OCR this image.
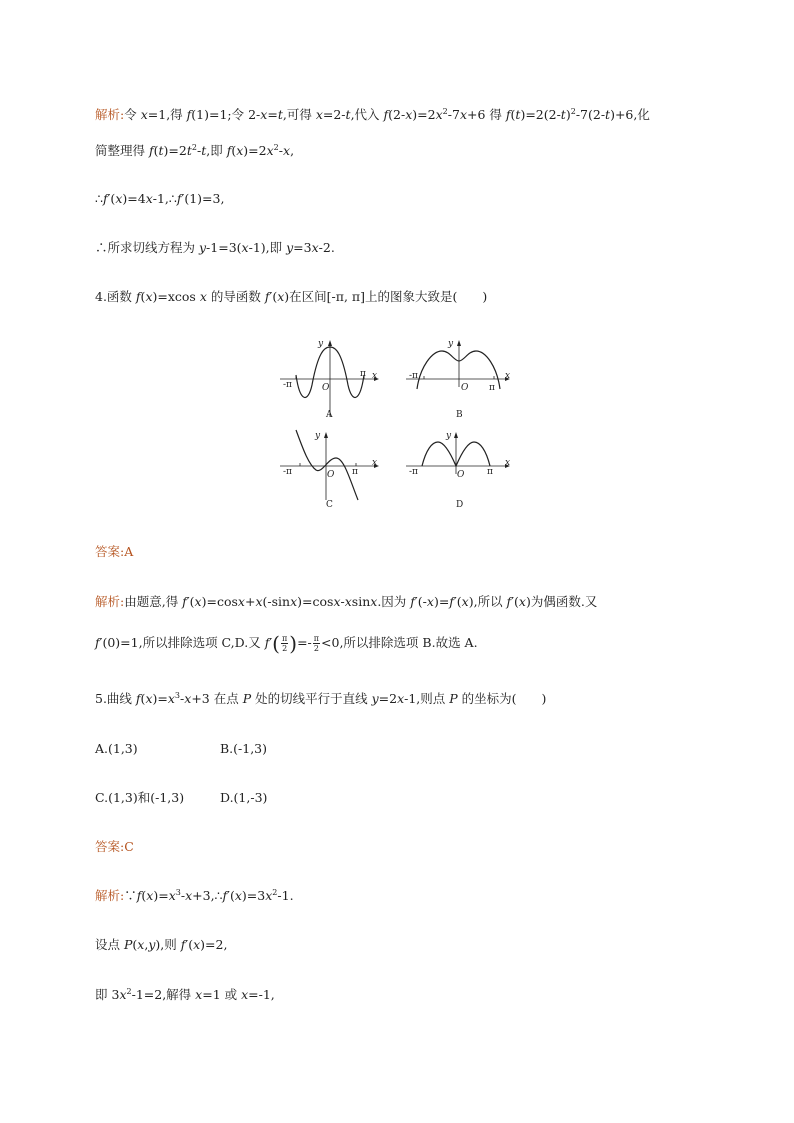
解析:令 x=1,得 f(1)=1;令 2-x=t,可得 x=2-t,代入 $f(2-x)=2x^2-7x+6$ 得 $f(t)=2(2-t)^2-7(2-t)+6$,化
简整理得 $f(t)=2t^2-t$,即 $f(x)=2x^2-x$,
∴f′(x)=4x-1,∴f′(1)=3,
∴所求切线方程为 y-1=3(x-1),即 y=3x-2.
4.函数 f(x)=xcos x 的导函数 f′(x)在区间[-π, π]上的图象大致是(　　)
-π
π x
y
O
A
-π
π
x
y
O
B
-π	π
x
y
O
C
-π	π
x
y
O
D
答案:A
解析:由题意,得 f′(x)=cosx+x(-sinx)=cosx-xsinx.因为 f′(-x)=f′(x),所以 f′(x)为偶函数.又
f′(0)=1,所以排除选项 C,D.又 $f'( \frac{\pi}{2}$ )=- $\frac{\pi}{2} <0$,所以排除选项 B.故选 A.
5.曲线 $f(x)=x^3-x+3$ 在点 P 处的切线平行于直线 y=2x-1,则点 P 的坐标为(　　)
A.(1,3)	B.(-1,3)
C.(1,3)和(-1,3)	D.(1,-3)
答案:C
解析$:\because f(x)=x^3-x+3,\therefore f'(x)=3x^2-1$.
设点 P(x,y),则 f′(x)=2,
即 $3x^2-1=2$,解得 x=1 或 x=-1,
